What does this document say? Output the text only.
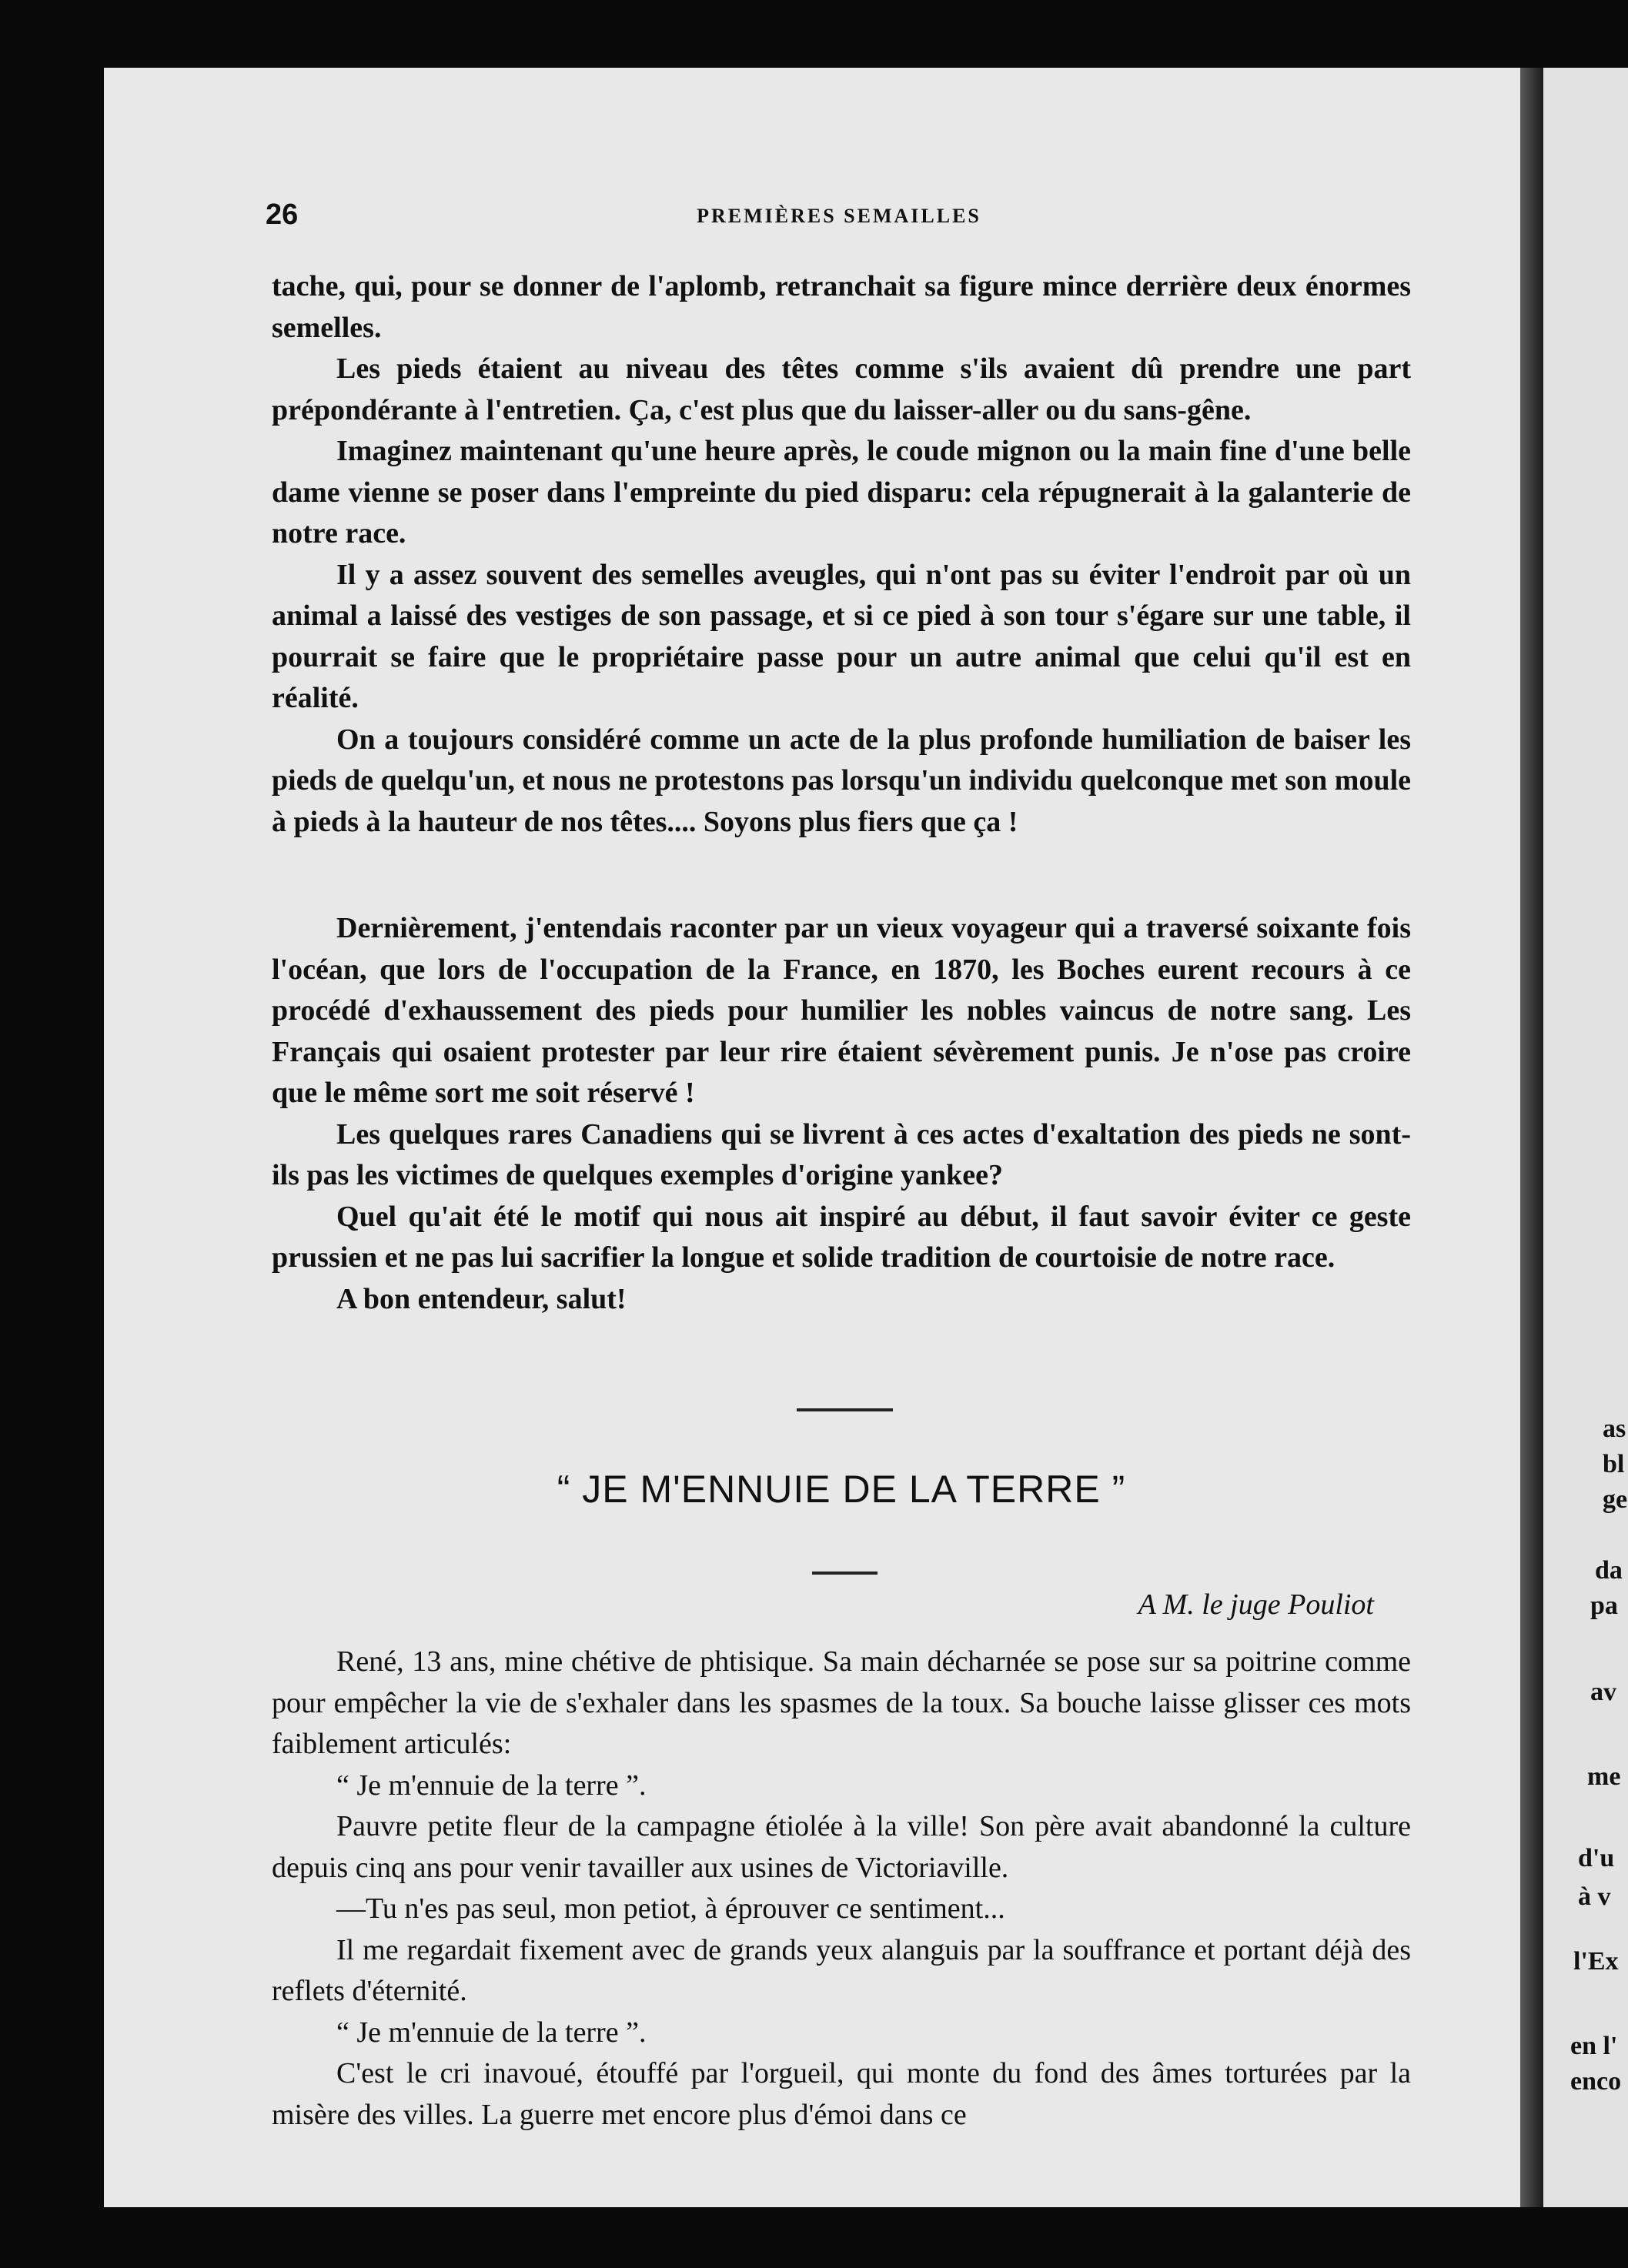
26	PREMIÈRES SEMAILLES

tache, qui, pour se donner de l'aplomb, retranchait sa figure mince derrière deux énormes semelles.

Les pieds étaient au niveau des têtes comme s'ils avaient dû prendre une part prépondérante à l'entretien. Ça, c'est plus que du laisser-aller ou du sans-gêne.

Imaginez maintenant qu'une heure après, le coude mignon ou la main fine d'une belle dame vienne se poser dans l'empreinte du pied disparu: cela répugnerait à la galanterie de notre race.

Il y a assez souvent des semelles aveugles, qui n'ont pas su éviter l'endroit par où un animal a laissé des vestiges de son passage, et si ce pied à son tour s'égare sur une table, il pourrait se faire que le propriétaire passe pour un autre animal que celui qu'il est en réalité.

On a toujours considéré comme un acte de la plus profonde humiliation de baiser les pieds de quelqu'un, et nous ne protestons pas lorsqu'un individu quelconque met son moule à pieds à la hauteur de nos têtes.... Soyons plus fiers que ça !

Dernièrement, j'entendais raconter par un vieux voyageur qui a traversé soixante fois l'océan, que lors de l'occupation de la France, en 1870, les Boches eurent recours à ce procédé d'exhaussement des pieds pour humilier les nobles vaincus de notre sang. Les Français qui osaient protester par leur rire étaient sévèrement punis. Je n'ose pas croire que le même sort me soit réservé !

Les quelques rares Canadiens qui se livrent à ces actes d'exaltation des pieds ne sont-ils pas les victimes de quelques exemples d'origine yankee?

Quel qu'ait été le motif qui nous ait inspiré au début, il faut savoir éviter ce geste prussien et ne pas lui sacrifier la longue et solide tradition de courtoisie de notre race.

A bon entendeur, salut!

“ JE M'ENNUIE DE LA TERRE ”
A M. le juge Pouliot

René, 13 ans, mine chétive de phtisique. Sa main décharnée se pose sur sa poitrine comme pour empêcher la vie de s'exhaler dans les spasmes de la toux. Sa bouche laisse glisser ces mots faiblement articulés:

“ Je m'ennuie de la terre ”.

Pauvre petite fleur de la campagne étiolée à la ville! Son père avait abandonné la culture depuis cinq ans pour venir tavailler aux usines de Victoriaville.

—Tu n'es pas seul, mon petiot, à éprouver ce sentiment...

Il me regardait fixement avec de grands yeux alanguis par la souffrance et portant déjà des reflets d'éternité.

“ Je m'ennuie de la terre ”.

C'est le cri inavoué, étouffé par l'orgueil, qui monte du fond des âmes torturées par la misère des villes. La guerre met encore plus d'émoi dans ce

as
bl
ge
da
pa
av
me
d'u
à v
l'Ex
en l'
enco
